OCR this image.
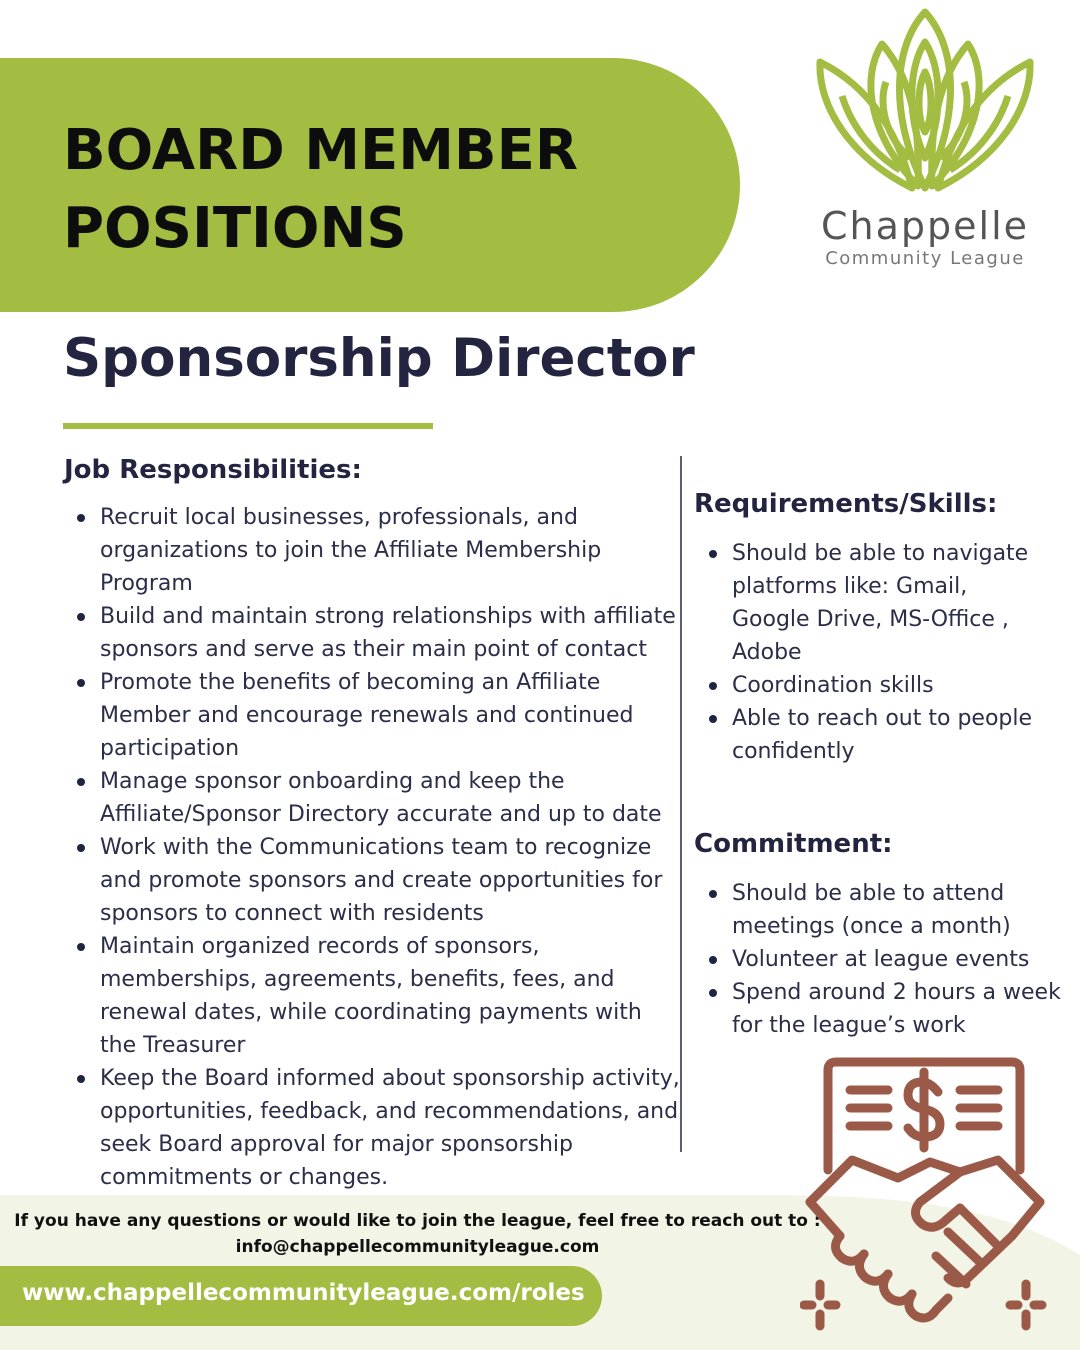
BOARD MEMBER
POSITIONS	Chappelle
Community League
Sponsorship Director
Job Responsibilities:
Recruit local businesses, professionals, and organizations to join the Affiliate Membership Program
Build and maintain strong relationships with affiliate sponsors and serve as their main point of contact
Promote the benefits of becoming an Affiliate Member and encourage renewals and continued participation
Manage sponsor onboarding and keep the Affiliate/Sponsor Directory accurate and up to date
Work with the Communications team to recognize and promote sponsors and create opportunities for sponsors to connect with residents
Maintain organized records of sponsors, memberships, agreements, benefits, fees, and renewal dates, while coordinating payments with the Treasurer
Keep the Board informed about sponsorship activity, opportunities, feedback, and recommendations, and seek Board approval for major sponsorship commitments or changes.
Requirements/Skills:
Should be able to navigate platforms like: Gmail, Google Drive, MS-Office , Adobe
Coordination skills
Able to reach out to people confidently
Commitment:
Should be able to attend meetings (once a month)
Volunteer at league events
Spend around 2 hours a week for the league’s work
If you have any questions or would like to join the league, feel free to reach out to :
info@chappellecommunityleague.com
www.chappellecommunityleague.com/roles
